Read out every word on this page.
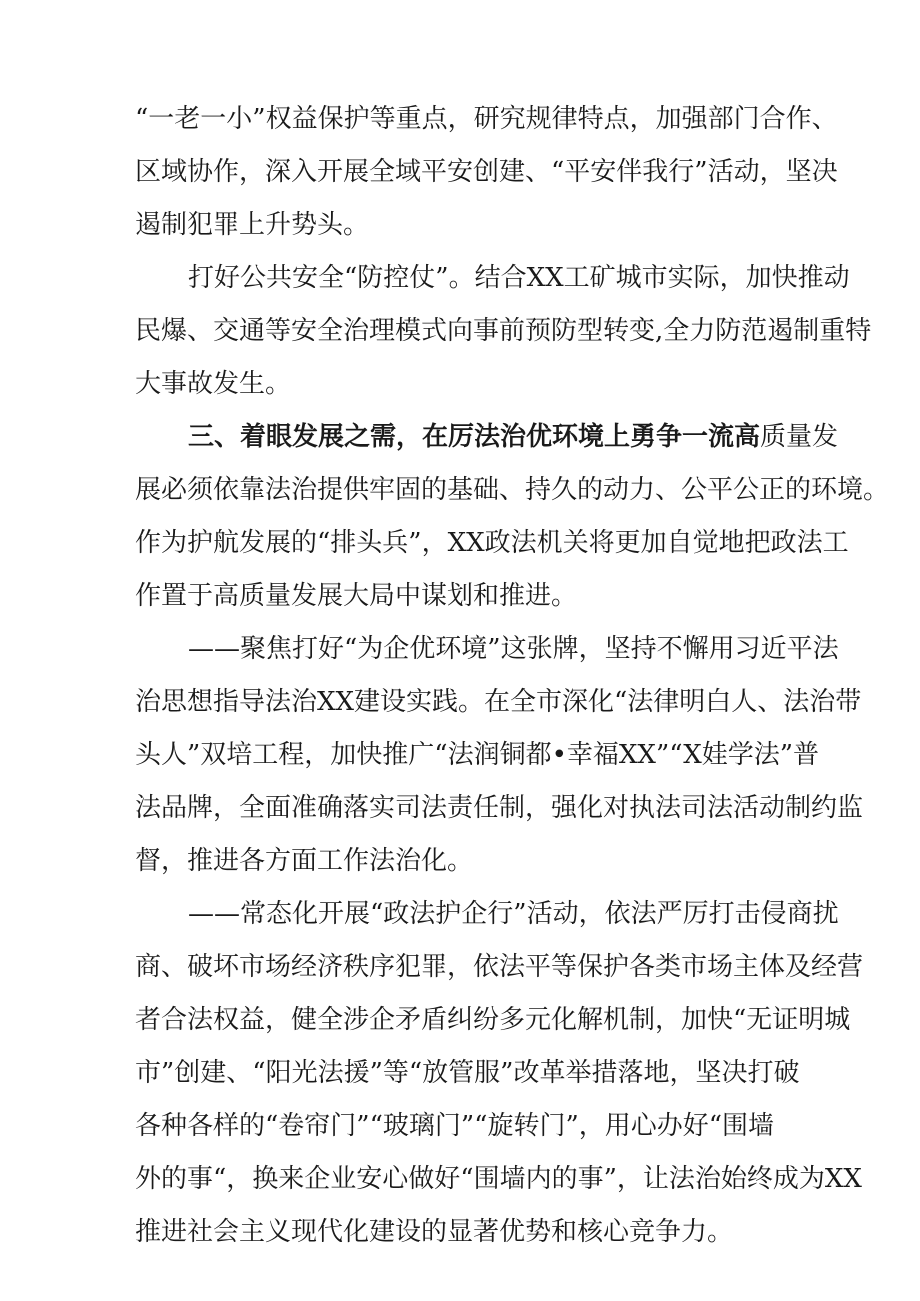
“一老一小”权益保护等重点，研究规律特点，加强部门合作、
区域协作，深入开展全域平安创建、“平安伴我行”活动，坚决
遏制犯罪上升势头。
打好公共安全“防控仗”。结合XX工矿城市实际，加快推动
民爆、交通等安全治理模式向事前预防型转变,全力防范遏制重特
大事故发生。
三、着眼发展之需，在厉法治优环境上勇争一流高 质量发
展必须依靠法治提供牢固的基础、持久的动力、公平公正的环境。
作为护航发展的“排头兵”，XX政法机关将更加自觉地把政法工
作置于高质量发展大局中谋划和推进。
——聚焦打好“为企优环境”这张牌，坚持不懈用习近平法
治思想指导法治XX建设实践。在全市深化“法律明白人、法治带
头人”双培工程，加快推广“法润铜都•幸福XX”“X娃学法”普
法品牌，全面准确落实司法责任制，强化对执法司法活动制约监
督，推进各方面工作法治化。
——常态化开展“政法护企行”活动，依法严厉打击侵商扰
商、破坏市场经济秩序犯罪，依法平等保护各类市场主体及经营
者合法权益，健全涉企矛盾纠纷多元化解机制，加快“无证明城
市”创建、“阳光法援”等“放管服”改革举措落地，坚决打破
各种各样的“卷帘门”“玻璃门”“旋转门”，用心办好“围墙
外的事“，换来企业安心做好“围墙内的事”，让法治始终成为XX
推进社会主义现代化建设的显著优势和核心竞争力。
